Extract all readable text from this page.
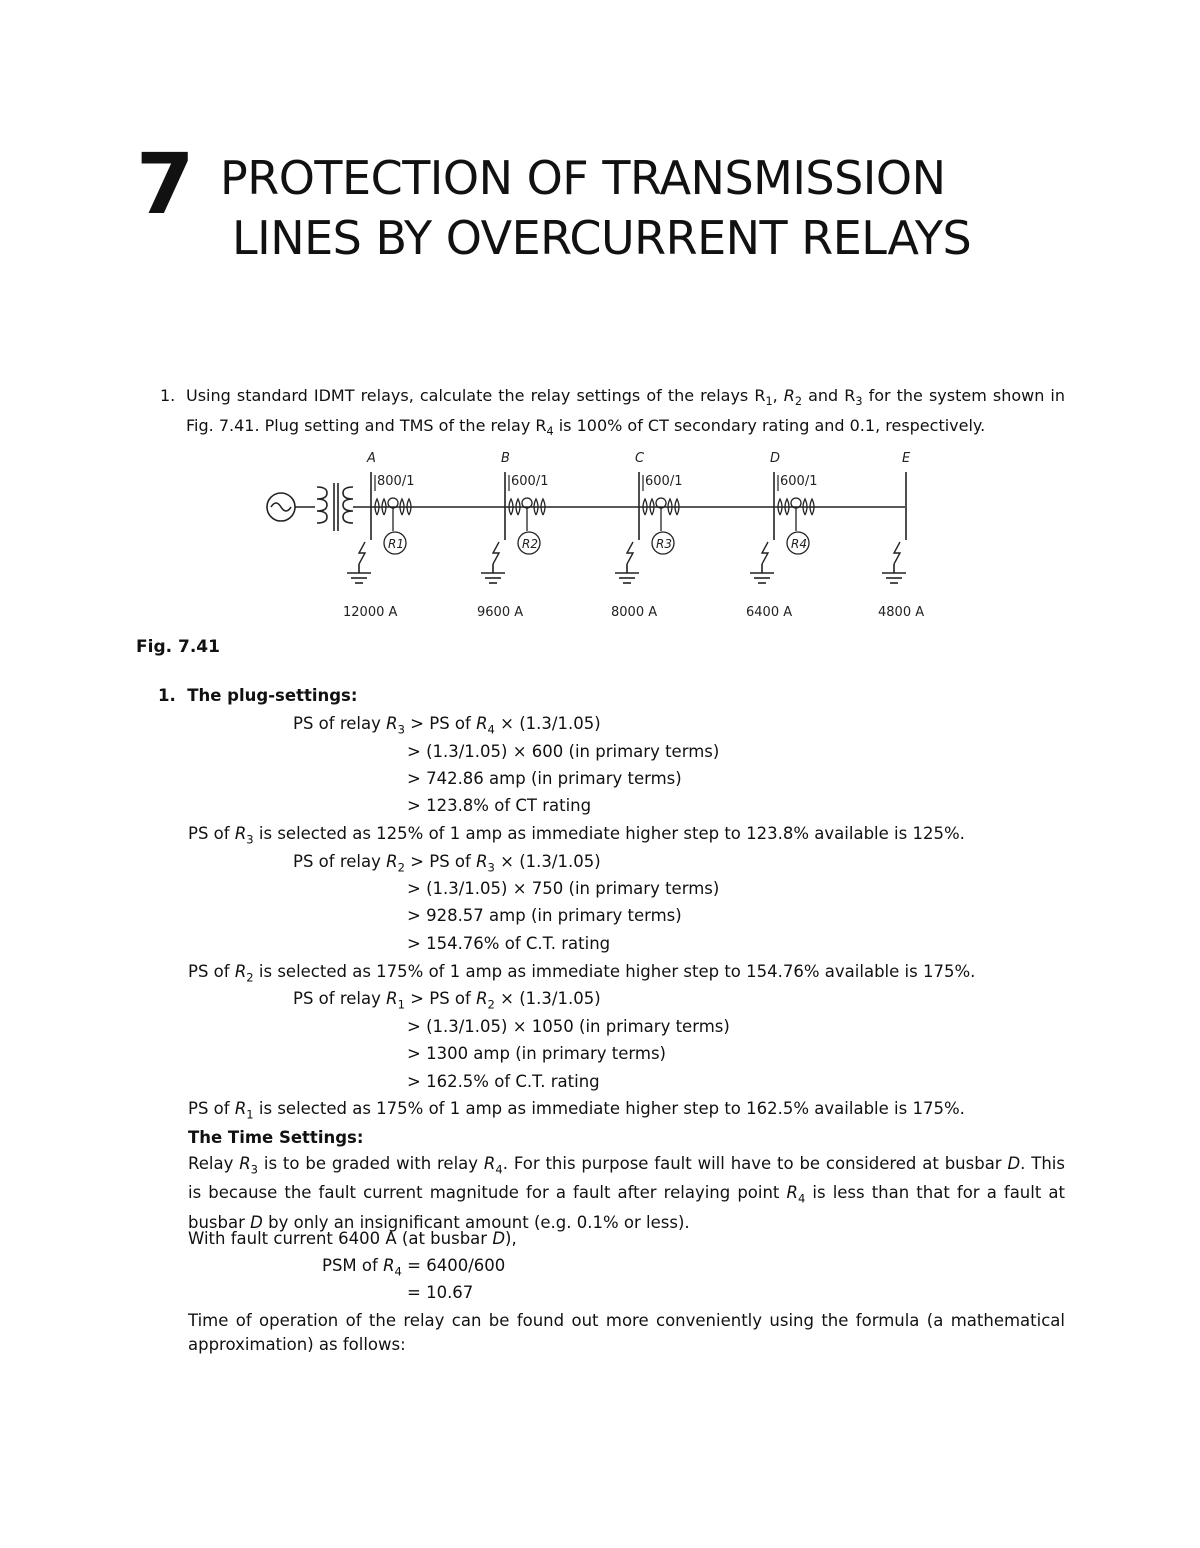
7 PROTECTION OF TRANSMISSION
LINES BY OVERCURRENT RELAYS
1. Using standard IDMT relays, calculate the relay settings of the relays $R_1$, $R_2$ and $R_3$ for the system shown in Fig. 7.41. Plug setting and TMS of the relay $R_4$ is 100% of CT secondary rating and 0.1, respectively.
A
12000 A
800/1
R1
B
9600 A
600/1
R2
C
8000 A
600/1
R3
D
6400 A
600/1
R4
E
4800 A
Fig. 7.41
1. The plug-settings:
PS of relay $R_3$ > PS of $R_4 \times (1.3/1.05)$
> (1.3/1.05) × 600 (in primary terms)
> 742.86 amp (in primary terms)
> 123.8% of CT rating
PS of $R_3$ is selected as 125% of 1 amp as immediate higher step to 123.8% available is 125%.
PS of relay $R_2$ > PS of $R_3 \times (1.3/1.05)$
> (1.3/1.05) × 750 (in primary terms)
> 928.57 amp (in primary terms)
> 154.76% of C.T. rating
PS of $R_2$ is selected as 175% of 1 amp as immediate higher step to 154.76% available is 175%.
PS of relay $R_1$ > PS of $R_2 \times (1.3/1.05)$
> (1.3/1.05) × 1050 (in primary terms)
> 1300 amp (in primary terms)
> 162.5% of C.T. rating
PS of $R_1$ is selected as 175% of 1 amp as immediate higher step to 162.5% available is 175%.
The Time Settings:
Relay $R_3$ is to be graded with relay $R_4$. For this purpose fault will have to be considered at busbar D. This is because the fault current magnitude for a fault after relaying point $R_4$ is less than that for a fault at busbar D by only an insignificant amount (e.g. 0.1% or less).
With fault current 6400 A (at busbar D),
PSM of $R_4 = 6400/600$
= 10.67
Time of operation of the relay can be found out more conveniently using the formula (a mathematical approximation) as follows:
